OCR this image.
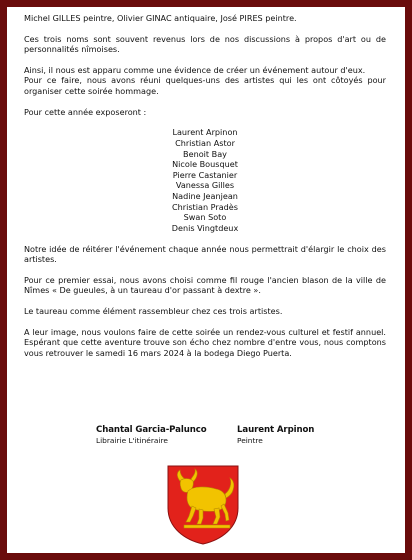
Michel GILLES peintre, Olivier GINAC antiquaire, José PIRES peintre.

Ces trois noms sont souvent revenus lors de nos discussions à propos d'art ou de personnalités nîmoises.

Ainsi, il nous est apparu comme une évidence de créer un événement autour d'eux.
Pour ce faire, nous avons réuni quelques-uns des artistes qui les ont côtoyés pour organiser cette soirée hommage.

Pour cette année exposeront :

Laurent Arpinon
Christian Astor
Benoit Bay
Nicole Bousquet
Pierre Castanier
Vanessa Gilles
Nadine Jeanjean
Christian Pradès
Swan Soto
Denis Vingtdeux

Notre idée de réitérer l'événement chaque année nous permettrait d'élargir le choix des artistes.

Pour ce premier essai, nous avons choisi comme fil rouge l'ancien blason de la ville de Nîmes « De gueules, à un taureau d'or passant à dextre ».

Le taureau comme élément rassembleur chez ces trois artistes.

A leur image, nous voulons faire de cette soirée un rendez-vous culturel et festif annuel. Espérant que cette aventure trouve son écho chez nombre d'entre vous, nous comptons vous retrouver le samedi 16 mars 2024 à la bodega Diego Puerta.

Chantal Garcia-Palunco
Librairie L'itinéraire
Laurent Arpinon
Peintre
